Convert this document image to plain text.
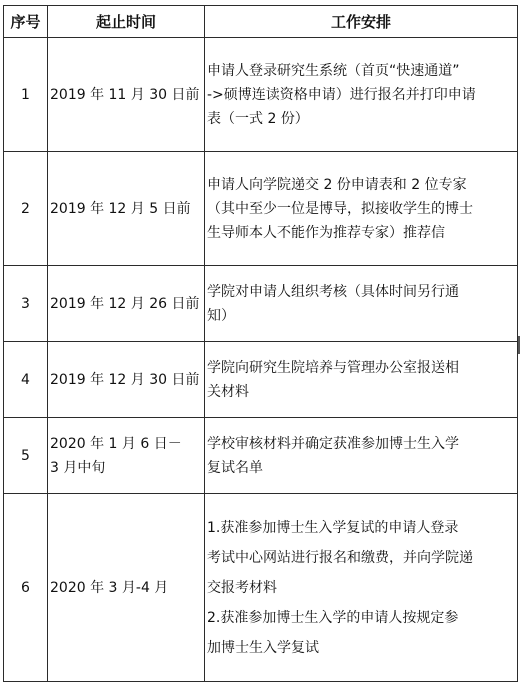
序号	起止时间	工作安排
1	2019 年 11 月 30 日前	申请人登录研究生系统（首页“快速通道”
->硕博连读资格申请）进行报名并打印申请
表（一式 2 份）

2	2019 年 12 月 5 日前	申请人向学院递交 2 份申请表和 2 位专家
（其中至少一位是博导，拟接收学生的博士
生导师本人不能作为推荐专家）推荐信

3	2019 年 12 月 26 日前	学院对申请人组织考核（具体时间另行通
知）

4	2019 年 12 月 30 日前	学院向研究生院培养与管理办公室报送相
关材料

5	2020 年 1 月 6 日－
3 月中旬	学校审核材料并确定获准参加博士生入学
复试名单

6	2020 年 3 月-4 月	1.获准参加博士生入学复试的申请人登录
考试中心网站进行报名和缴费，并向学院递
交报考材料
2.获准参加博士生入学的申请人按规定参
加博士生入学复试
